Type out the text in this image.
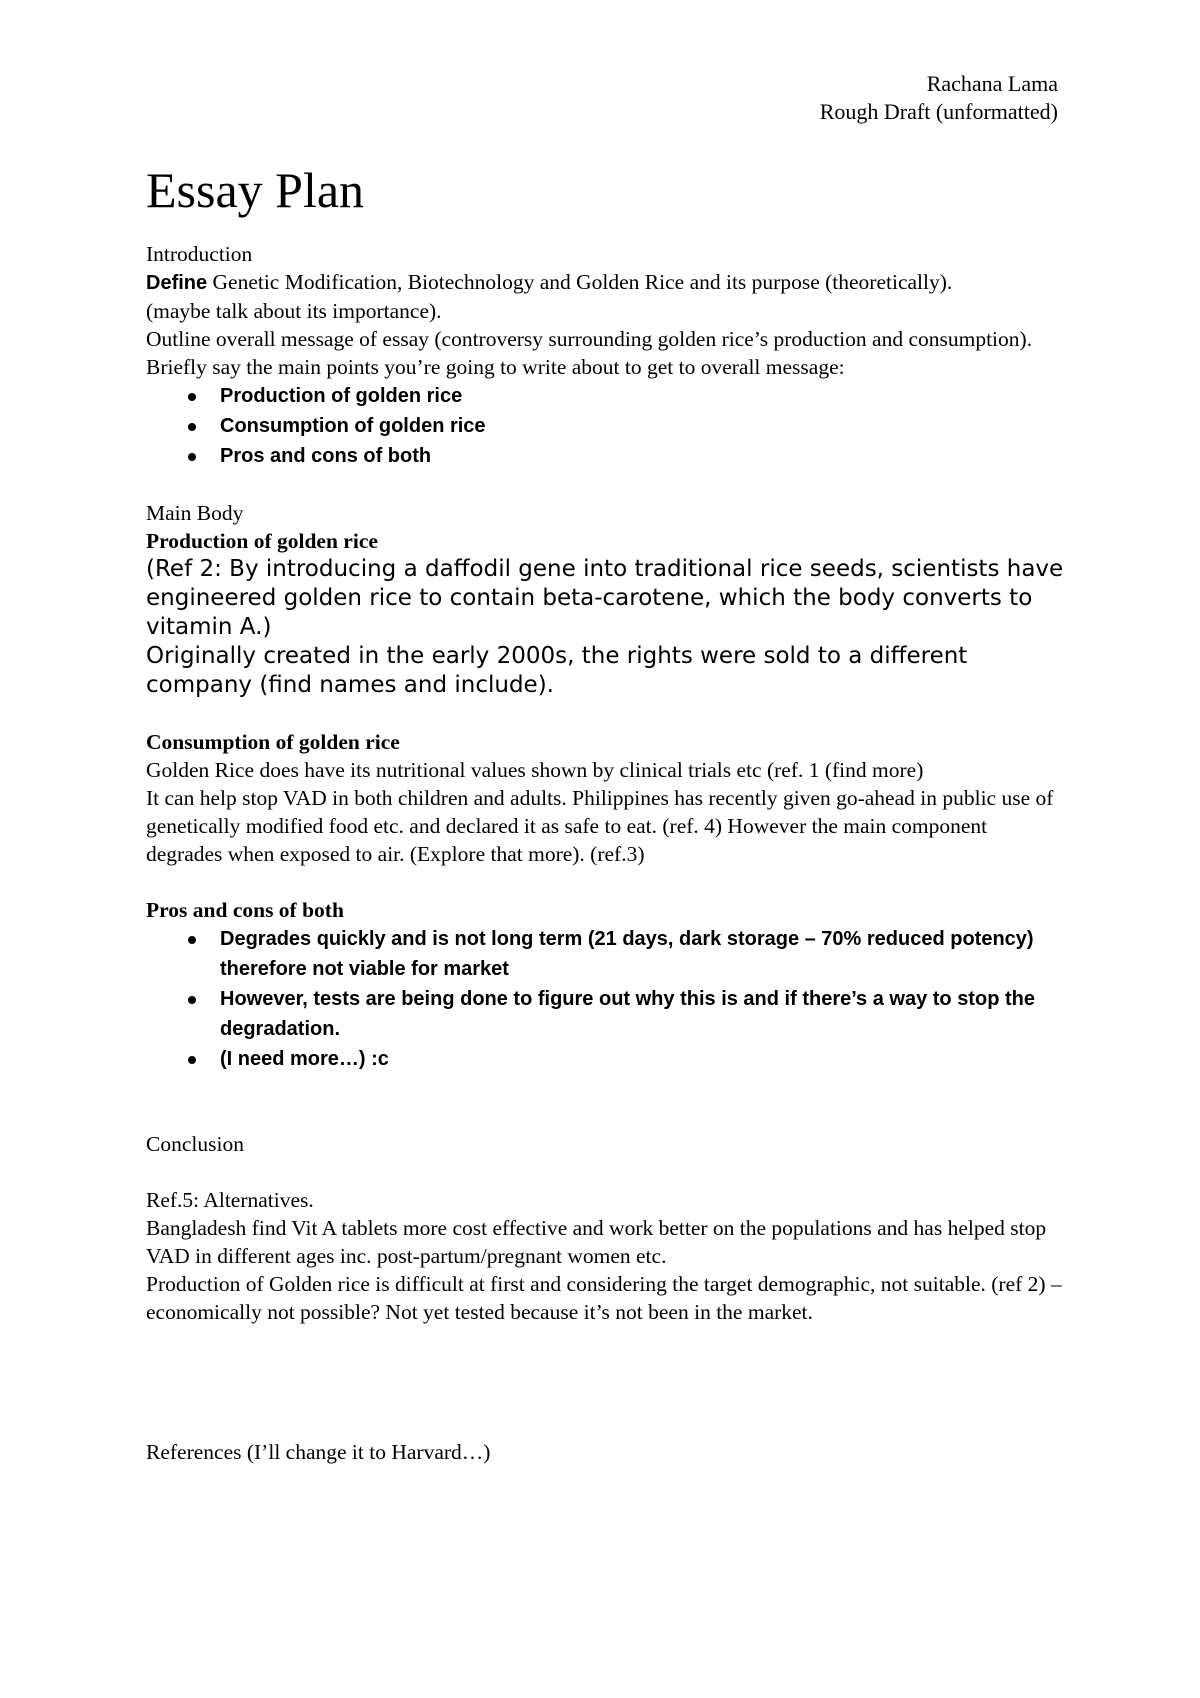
Rachana Lama
Rough Draft (unformatted)
Essay Plan

Introduction

Define Genetic Modification, Biotechnology and Golden Rice and its purpose (theoretically).

(maybe talk about its importance).

Outline overall message of essay (controversy surrounding golden rice’s production and consumption).

Briefly say the main points you’re going to write about to get to overall message:

Production of golden rice
Consumption of golden rice
Pros and cons of both

Main Body

Production of golden rice

(Ref 2: By introducing a daffodil gene into traditional rice seeds, scientists have engineered golden rice to contain beta-carotene, which the body converts to vitamin A.)

Originally created in the early 2000s, the rights were sold to a different company (find names and include).

Consumption of golden rice

Golden Rice does have its nutritional values shown by clinical trials etc (ref. 1 (find more)

It can help stop VAD in both children and adults. Philippines has recently given go-ahead in public use of genetically modified food etc. and declared it as safe to eat. (ref. 4) However the main component degrades when exposed to air. (Explore that more). (ref.3)

Pros and cons of both

Degrades quickly and is not long term (21 days, dark storage – 70% reduced potency) therefore not viable for market
However, tests are being done to figure out why this is and if there’s a way to stop the degradation.
(I need more…) :c

Conclusion

Ref.5: Alternatives.

Bangladesh find Vit A tablets more cost effective and work better on the populations and has helped stop VAD in different ages inc. post-partum/pregnant women etc.

Production of Golden rice is difficult at first and considering the target demographic, not suitable. (ref 2) – economically not possible? Not yet tested because it’s not been in the market.

References (I’ll change it to Harvard…)
